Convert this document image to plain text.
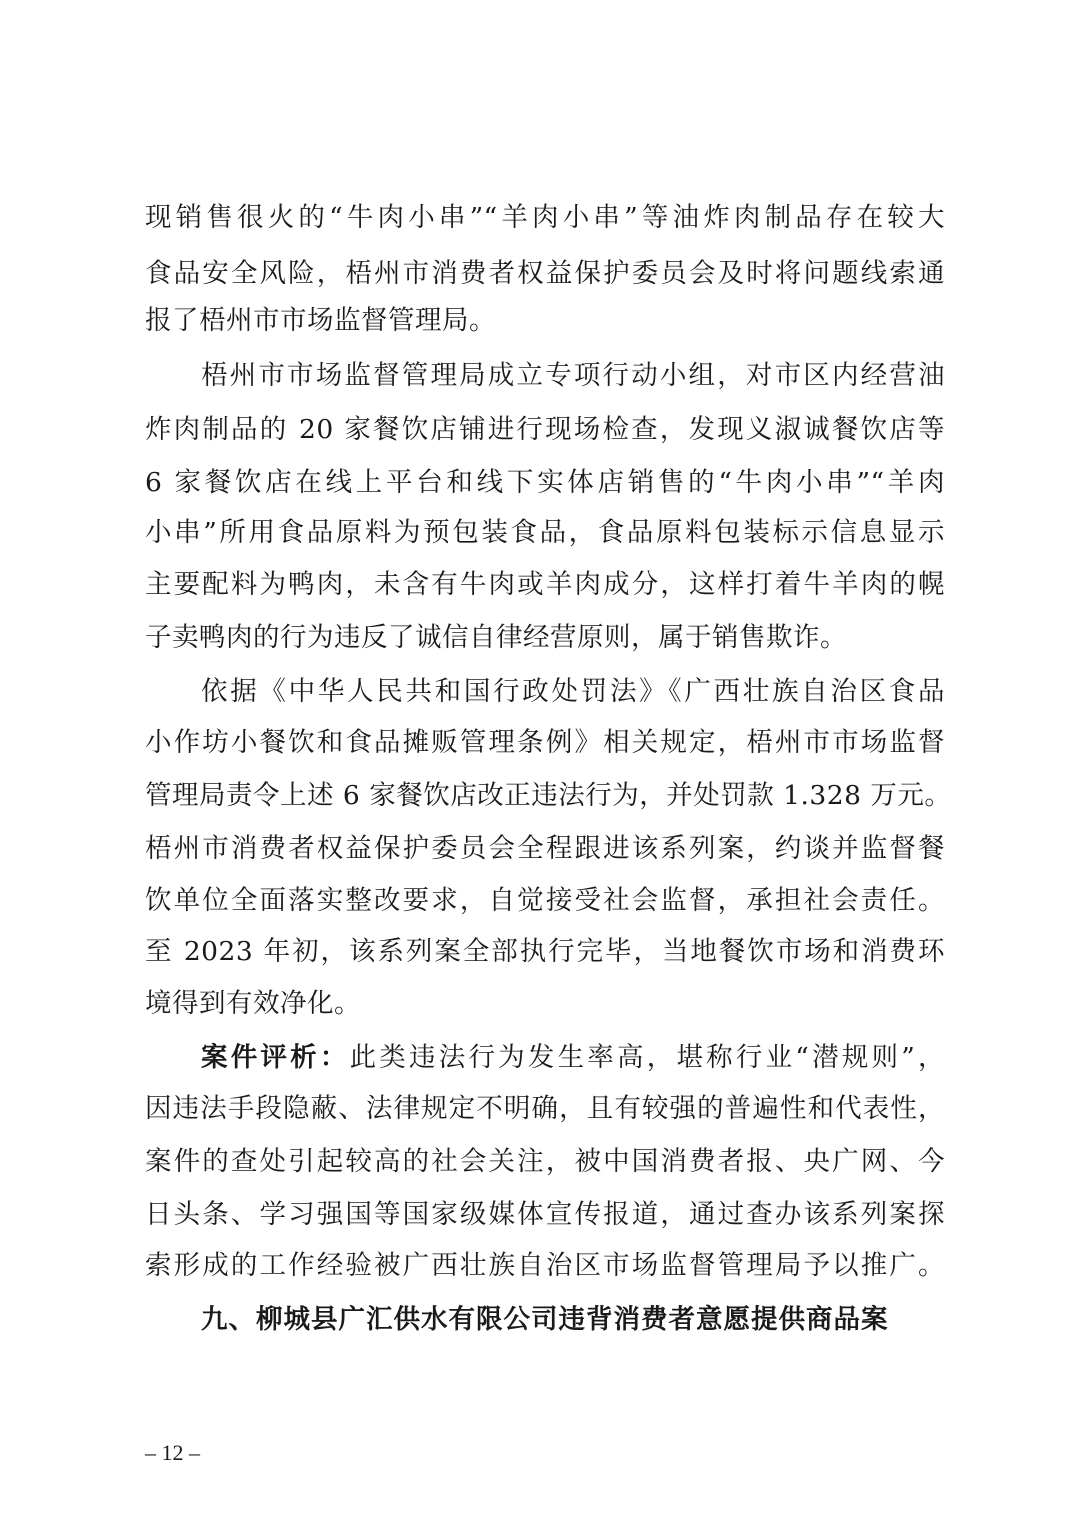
现销售很火的“牛肉小串”“羊肉小串”等油炸肉制品存在较大
食品安全风险，梧州市消费者权益保护委员会及时将问题线索通
报了梧州市市场监督管理局。
梧州市市场监督管理局成立专项行动小组，对市区内经营油
炸肉制品的 20 家餐饮店铺进行现场检查，发现义淑诚餐饮店等
6 家餐饮店在线上平台和线下实体店销售的“牛肉小串”“羊肉
小串”所用食品原料为预包装食品，食品原料包装标示信息显示
主要配料为鸭肉，未含有牛肉或羊肉成分，这样打着牛羊肉的幌
子卖鸭肉的行为违反了诚信自律经营原则，属于销售欺诈。
依据《中华人民共和国行政处罚法》《广西壮族自治区食品
小作坊小餐饮和食品摊贩管理条例》相关规定，梧州市市场监督
管理局责令上述 6 家餐饮店改正违法行为，并处罚款 1.328 万元。
梧州市消费者权益保护委员会全程跟进该系列案，约谈并监督餐
饮单位全面落实整改要求，自觉接受社会监督，承担社会责任。
至 2023 年初，该系列案全部执行完毕，当地餐饮市场和消费环
境得到有效净化。
案件评析：此类违法行为发生率高，堪称行业“潜规则”，
因违法手段隐蔽、法律规定不明确，且有较强的普遍性和代表性，
案件的查处引起较高的社会关注，被中国消费者报、央广网、今
日头条、学习强国等国家级媒体宣传报道，通过查办该系列案探
索形成的工作经验被广西壮族自治区市场监督管理局予以推广。
九、柳城县广汇供水有限公司违背消费者意愿提供商品案
– 12 –
